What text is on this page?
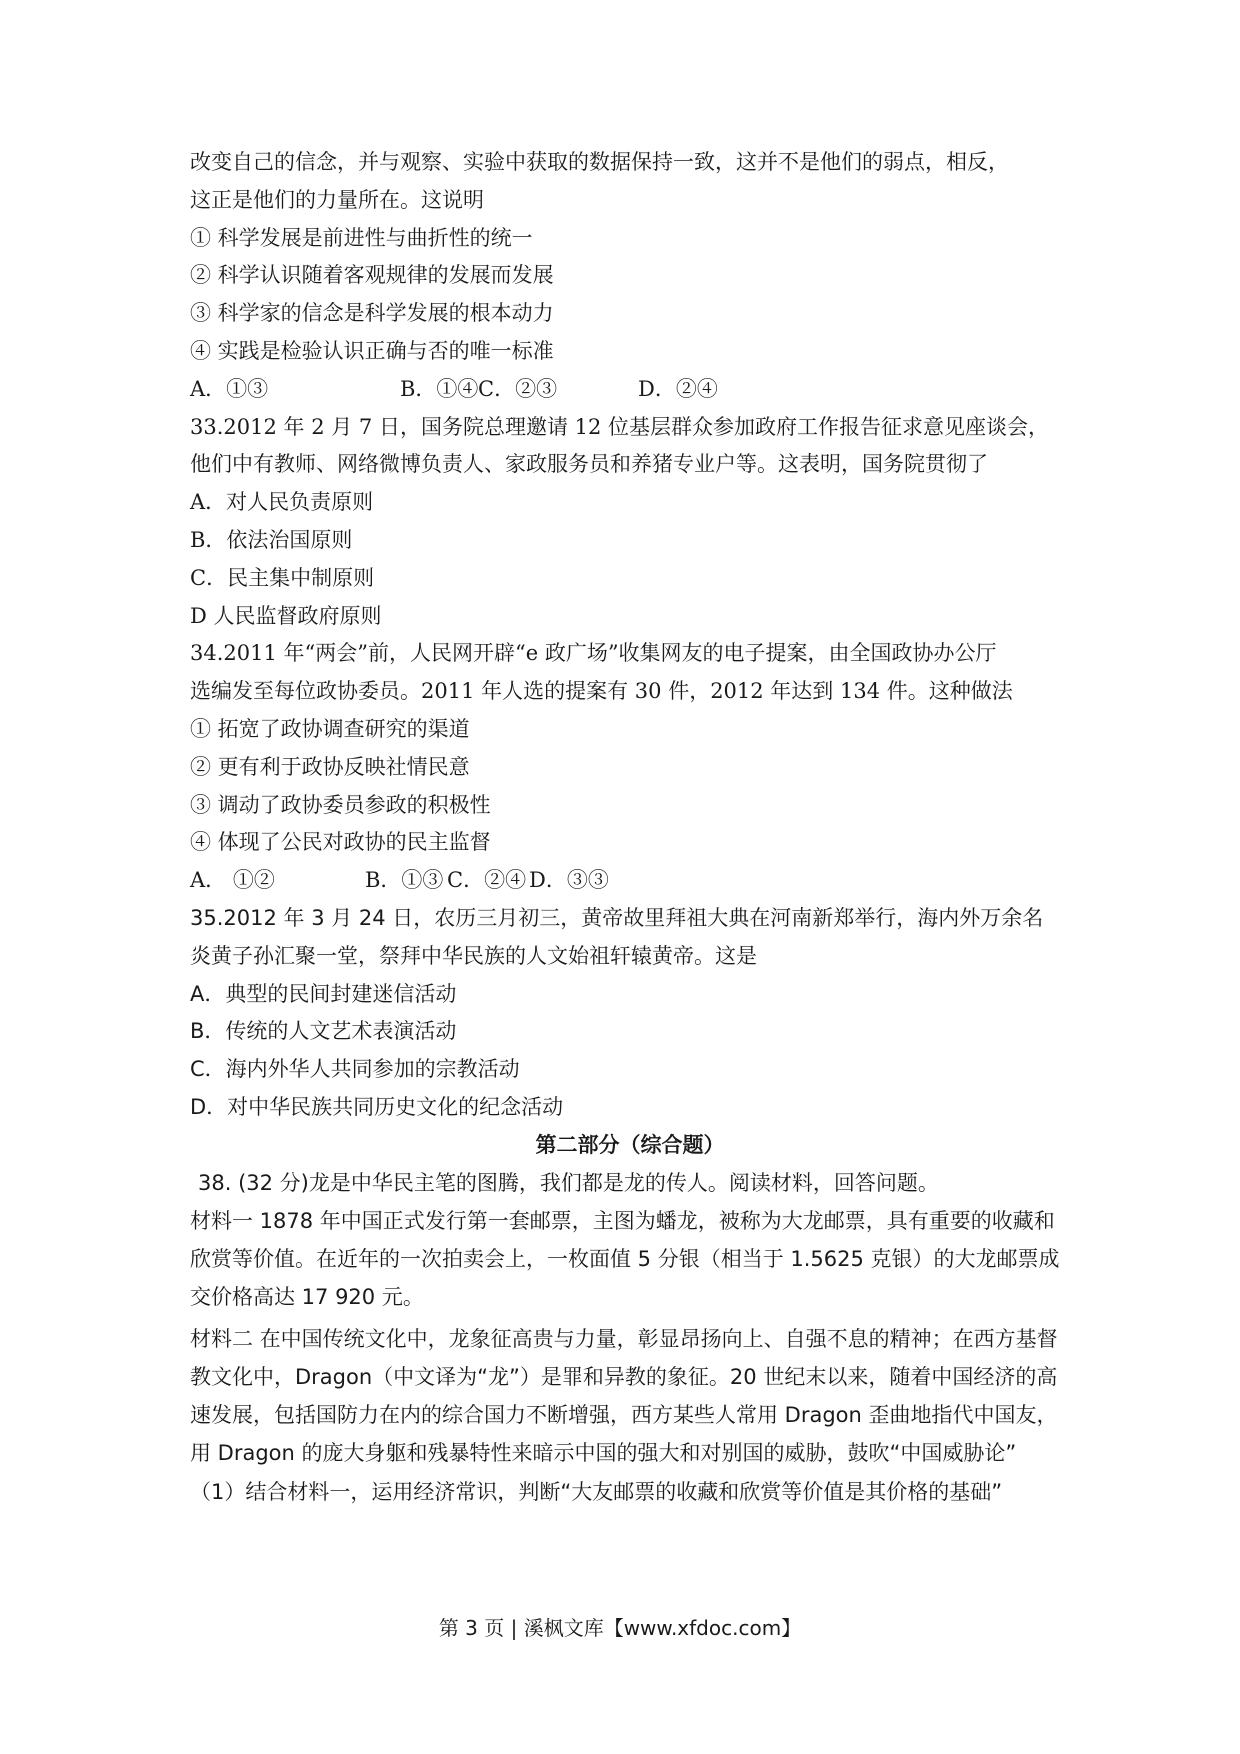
改变自己的信念，并与观察、实验中获取的数据保持一致，这并不是他们的弱点，相反，

这正是他们的力量所在。这说明

① 科学发展是前进性与曲折性的统一

② 科学认识随着客观规律的发展而发展

③ 科学家的信念是科学发展的根本动力

④ 实践是检验认识正确与否的唯一标准

A．①③	B．①④C．②③	D．②④

33.2012 年 2 月 7 日，国务院总理邀请 12 位基层群众参加政府工作报告征求意见座谈会，

他们中有教师、网络微博负责人、家政服务员和养猪专业户等。这表明，国务院贯彻了

A．对人民负责原则

B．依法治国原则

C．民主集中制原则

D 人民监督政府原则

34.2011 年“两会”前，人民网开辟“e 政广场”收集网友的电子提案，由全国政协办公厅

选编发至每位政协委员。2011 年人选的提案有 30 件，2012 年达到 134 件。这种做法

① 拓宽了政协调查研究的渠道

② 更有利于政协反映社情民意

③ 调动了政协委员参政的积极性

④ 体现了公民对政协的民主监督

A． ①②	B．①③ C．②④ D．③③

35.2012 年 3 月 24 日，农历三月初三，黄帝故里拜祖大典在河南新郑举行，海内外万余名

炎黄子孙汇聚一堂，祭拜中华民族的人文始祖轩辕黄帝。这是

A．典型的民间封建迷信活动

B．传统的人文艺术表演活动

C．海内外华人共同参加的宗教活动

D．对中华民族共同历史文化的纪念活动

第二部分（综合题）

38. (32 分)龙是中华民主笔的图腾，我们都是龙的传人。阅读材料，回答问题。

材料一 1878 年中国正式发行第一套邮票，主图为蟠龙，被称为大龙邮票，具有重要的收藏和欣赏等价值。在近年的一次拍卖会上，一枚面值 5 分银（相当于 1.5625 克银）的大龙邮票成交价格高达 17 920 元。

材料二 在中国传统文化中，龙象征高贵与力量，彰显昂扬向上、自强不息的精神；在西方基督教文化中，Dragon（中文译为“龙”）是罪和异教的象征。20 世纪末以来，随着中国经济的高速发展，包括国防力在内的综合国力不断增强，西方某些人常用 Dragon 歪曲地指代中国友，用 Dragon 的庞大身躯和残暴特性来暗示中国的强大和对别国的威胁，鼓吹“中国威胁论”

（1）结合材料一，运用经济常识，判断“大友邮票的收藏和欣赏等价值是其价格的基础”

第 3 页 | 溪枫文库【www.xfdoc.com】
